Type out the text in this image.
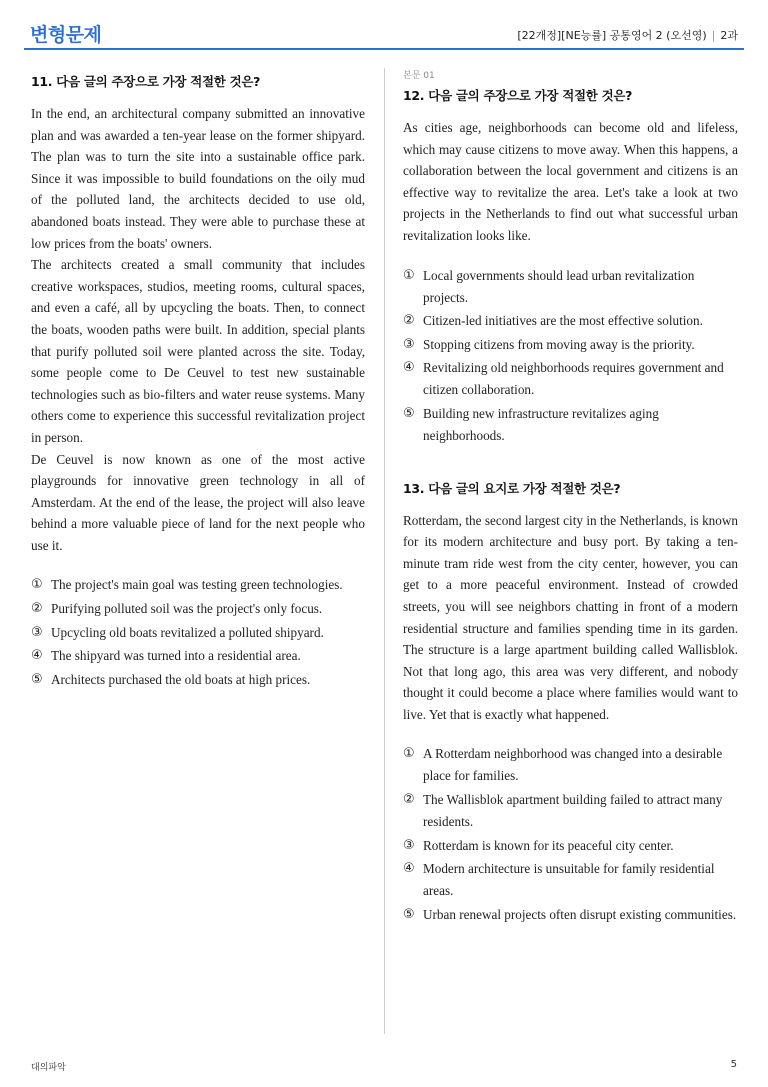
변형문제	[22개정][NE능률] 공통영어 2 (오선영) | 2과
11. 다음 글의 주장으로 가장 적절한 것은?

In the end, an architectural company submitted an innovative plan and was awarded a ten-year lease on the former shipyard. The plan was to turn the site into a sustainable office park. Since it was impossible to build foundations on the oily mud of the polluted land, the architects decided to use old, abandoned boats instead. They were able to purchase these at low prices from the boats' owners.

The architects created a small community that includes creative workspaces, studios, meeting rooms, cultural spaces, and even a café, all by upcycling the boats. Then, to connect the boats, wooden paths were built. In addition, special plants that purify polluted soil were planted across the site. Today, some people come to De Ceuvel to test new sustainable technologies such as bio-filters and water reuse systems. Many others come to experience this successful revitalization project in person.

De Ceuvel is now known as one of the most active playgrounds for innovative green technology in all of Amsterdam. At the end of the lease, the project will also leave behind a more valuable piece of land for the next people who use it.

① The project's main goal was testing green technologies.
② Purifying polluted soil was the project's only focus.
③ Upcycling old boats revitalized a polluted shipyard.
④ The shipyard was turned into a residential area.
⑤ Architects purchased the old boats at high prices.
본문 01
12. 다음 글의 주장으로 가장 적절한 것은?

As cities age, neighborhoods can become old and lifeless, which may cause citizens to move away. When this happens, a collaboration between the local government and citizens is an effective way to revitalize the area. Let's take a look at two projects in the Netherlands to find out what successful urban revitalization looks like.

① Local governments should lead urban revitalization projects.
② Citizen-led initiatives are the most effective solution.
③ Stopping citizens from moving away is the priority.
④ Revitalizing old neighborhoods requires government and citizen collaboration.
⑤ Building new infrastructure revitalizes aging neighborhoods.
13. 다음 글의 요지로 가장 적절한 것은?

Rotterdam, the second largest city in the Netherlands, is known for its modern architecture and busy port. By taking a ten-minute tram ride west from the city center, however, you can get to a more peaceful environment. Instead of crowded streets, you will see neighbors chatting in front of a modern residential structure and families spending time in its garden. The structure is a large apartment building called Wallisblok. Not that long ago, this area was very different, and nobody thought it could become a place where families would want to live. Yet that is exactly what happened.

① A Rotterdam neighborhood was changed into a desirable place for families.
② The Wallisblok apartment building failed to attract many residents.
③ Rotterdam is known for its peaceful city center.
④ Modern architecture is unsuitable for family residential areas.
⑤ Urban renewal projects often disrupt existing communities.
대의파악	5
